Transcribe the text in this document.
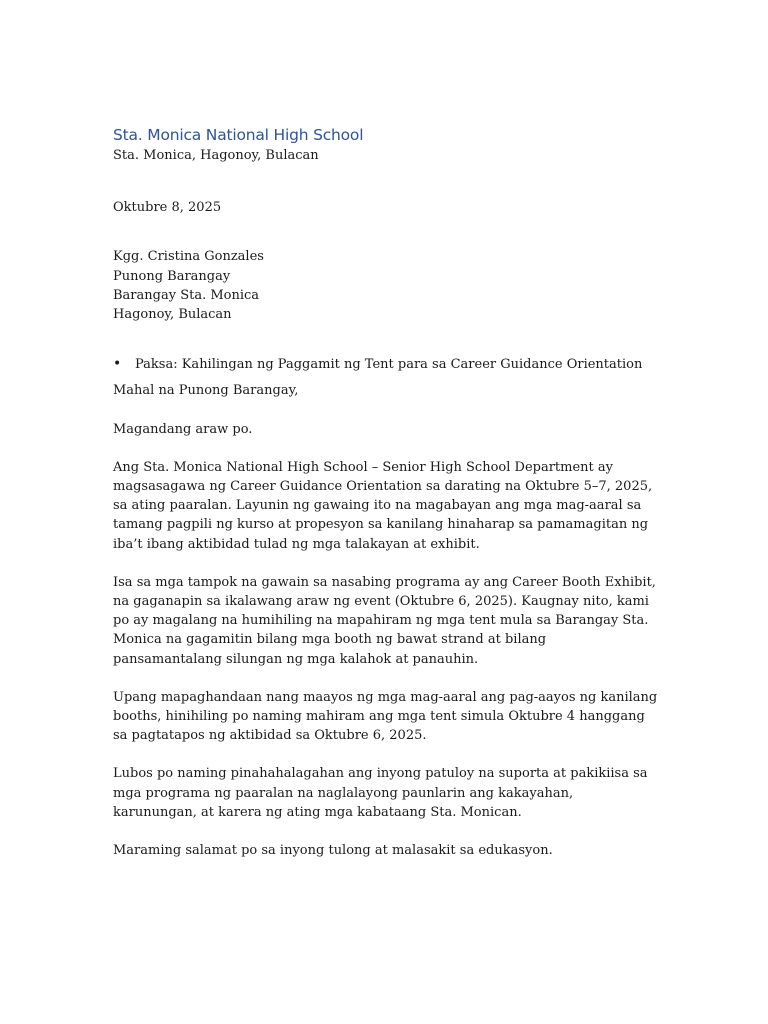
Sta. Monica National High School

Sta. Monica, Hagonoy, Bulacan

Oktubre 8, 2025

Kgg. Cristina Gonzales
Punong Barangay
Barangay Sta. Monica
Hagonoy, Bulacan
• Paksa: Kahilingan ng Paggamit ng Tent para sa Career Guidance Orientation

Mahal na Punong Barangay,

Magandang araw po.

Ang Sta. Monica National High School – Senior High School Department ay magsasagawa ng Career Guidance Orientation sa darating na Oktubre 5–7, 2025, sa ating paaralan. Layunin ng gawaing ito na magabayan ang mga mag-aaral sa tamang pagpili ng kurso at propesyon sa kanilang hinaharap sa pamamagitan ng iba’t ibang aktibidad tulad ng mga talakayan at exhibit.

Isa sa mga tampok na gawain sa nasabing programa ay ang Career Booth Exhibit, na gaganapin sa ikalawang araw ng event (Oktubre 6, 2025). Kaugnay nito, kami po ay magalang na humihiling na mapahiram ng mga tent mula sa Barangay Sta. Monica na gagamitin bilang mga booth ng bawat strand at bilang pansamantalang silungan ng mga kalahok at panauhin.

Upang mapaghandaan nang maayos ng mga mag-aaral ang pag-aayos ng kanilang booths, hinihiling po naming mahiram ang mga tent simula Oktubre 4 hanggang sa pagtatapos ng aktibidad sa Oktubre 6, 2025.

Lubos po naming pinahahalagahan ang inyong patuloy na suporta at pakikiisa sa mga programa ng paaralan na naglalayong paunlarin ang kakayahan, karunungan, at karera ng ating mga kabataang Sta. Monican.

Maraming salamat po sa inyong tulong at malasakit sa edukasyon.
